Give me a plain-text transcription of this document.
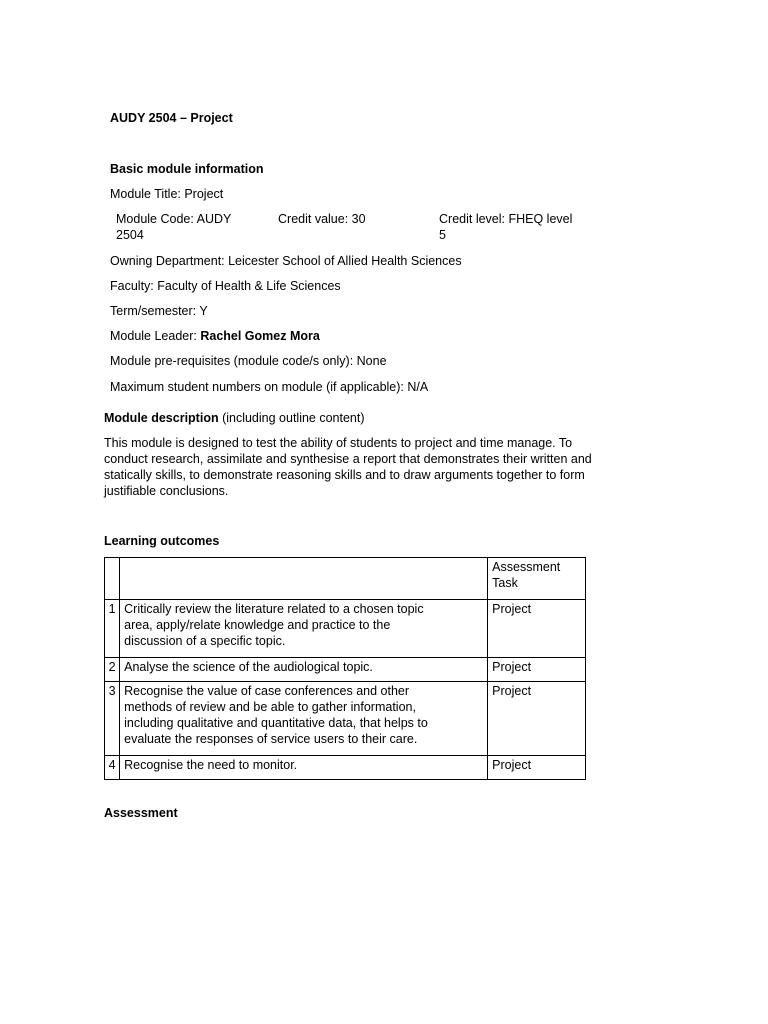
AUDY 2504 – Project
Basic module information
Module Title: Project
Module Code: AUDY
2504
Credit value: 30	Credit level: FHEQ level
5
Owning Department: Leicester School of Allied Health Sciences
Faculty: Faculty of Health & Life Sciences
Term/semester: Y
Module Leader: Rachel Gomez Mora
Module pre-requisites (module code/s only): None
Maximum student numbers on module (if applicable): N/A
Module description (including outline content)
This module is designed to test the ability of students to project and time manage. To
conduct research, assimilate and synthesise a report that demonstrates their written and
statically skills, to demonstrate reasoning skills and to draw arguments together to form
justifiable conclusions.
Learning outcomes

		Assessment
Task

1	Critically review the literature related to a chosen topic
area, apply/relate knowledge and practice to the
discussion of a specific topic.	Project
2	Analyse the science of the audiological topic.	Project
3	Recognise the value of case conferences and other
methods of review and be able to gather information,
including qualitative and quantitative data, that helps to
evaluate the responses of service users to their care.	Project
4	Recognise the need to monitor.	Project
Assessment
